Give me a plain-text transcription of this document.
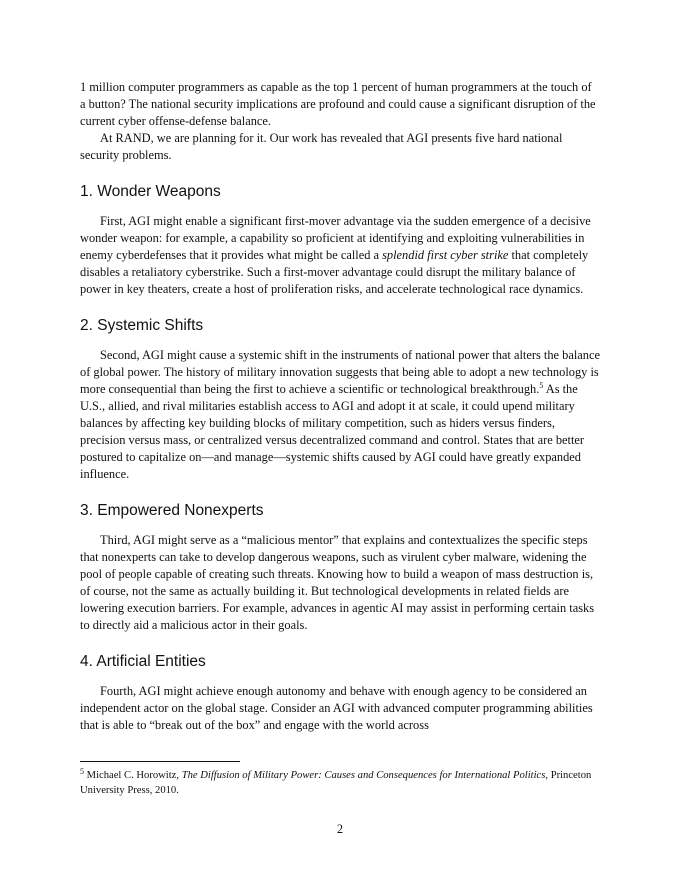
1 million computer programmers as capable as the top 1 percent of human programmers at the touch of a button? The national security implications are profound and could cause a significant disruption of the current cyber offense-defense balance.

At RAND, we are planning for it. Our work has revealed that AGI presents five hard national security problems.

1. Wonder Weapons

First, AGI might enable a significant first-mover advantage via the sudden emergence of a decisive wonder weapon: for example, a capability so proficient at identifying and exploiting vulnerabilities in enemy cyberdefenses that it provides what might be called a splendid first cyber strike that completely disables a retaliatory cyberstrike. Such a first-mover advantage could disrupt the military balance of power in key theaters, create a host of proliferation risks, and accelerate technological race dynamics.

2. Systemic Shifts

Second, AGI might cause a systemic shift in the instruments of national power that alters the balance of global power. The history of military innovation suggests that being able to adopt a new technology is more consequential than being the first to achieve a scientific or technological breakthrough.$^5$ As the U.S., allied, and rival militaries establish access to AGI and adopt it at scale, it could upend military balances by affecting key building blocks of military competition, such as hiders versus finders, precision versus mass, or centralized versus decentralized command and control. States that are better postured to capitalize on—and manage—systemic shifts caused by AGI could have greatly expanded influence.

3. Empowered Nonexperts

Third, AGI might serve as a “malicious mentor” that explains and contextualizes the specific steps that nonexperts can take to develop dangerous weapons, such as virulent cyber malware, widening the pool of people capable of creating such threats. Knowing how to build a weapon of mass destruction is, of course, not the same as actually building it. But technological developments in related fields are lowering execution barriers. For example, advances in agentic AI may assist in performing certain tasks to directly aid a malicious actor in their goals.

4. Artificial Entities

Fourth, AGI might achieve enough autonomy and behave with enough agency to be considered an independent actor on the global stage. Consider an AGI with advanced computer programming abilities that is able to “break out of the box” and engage with the world across

$^5$ Michael C. Horowitz, The Diffusion of Military Power: Causes and Consequences for International Politics, Princeton University Press, 2010.
2
